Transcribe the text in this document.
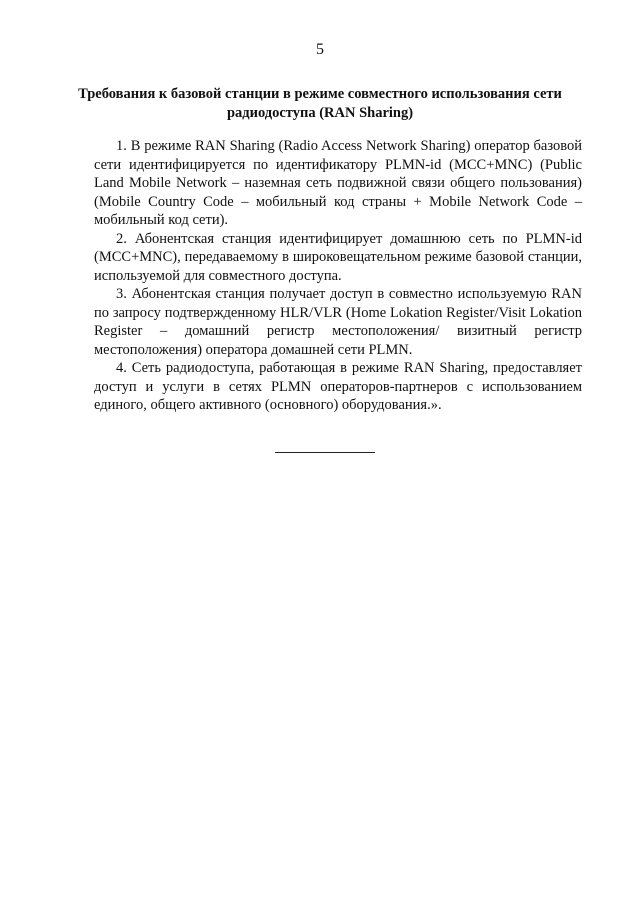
5
Требования к базовой станции в режиме совместного использования сети
радиодоступа (RAN Sharing)

1. В режиме RAN Sharing (Radio Access Network Sharing) оператор базовой сети идентифицируется по идентификатору PLMN-id (MCC+MNC) (Public Land Mobile Network – наземная сеть подвижной связи общего пользования) (Mobile Country Code – мобильный код страны + Mobile Network Code – мобильный код сети).

2. Абонентская станция идентифицирует домашнюю сеть по PLMN-id (MCC+MNC), передаваемому в широковещательном режиме базовой станции, используемой для совместного доступа.

3. Абонентская станция получает доступ в совместно используемую RAN по запросу подтвержденному HLR/VLR (Home Lokation Register/Visit Lokation Register – домашний регистр местоположения/ визитный регистр местоположения) оператора домашней сети PLMN.

4. Сеть радиодоступа, работающая в режиме RAN Sharing, предоставляет доступ и услуги в сетях PLMN операторов-партнеров с использованием единого, общего активного (основного) оборудования.».
